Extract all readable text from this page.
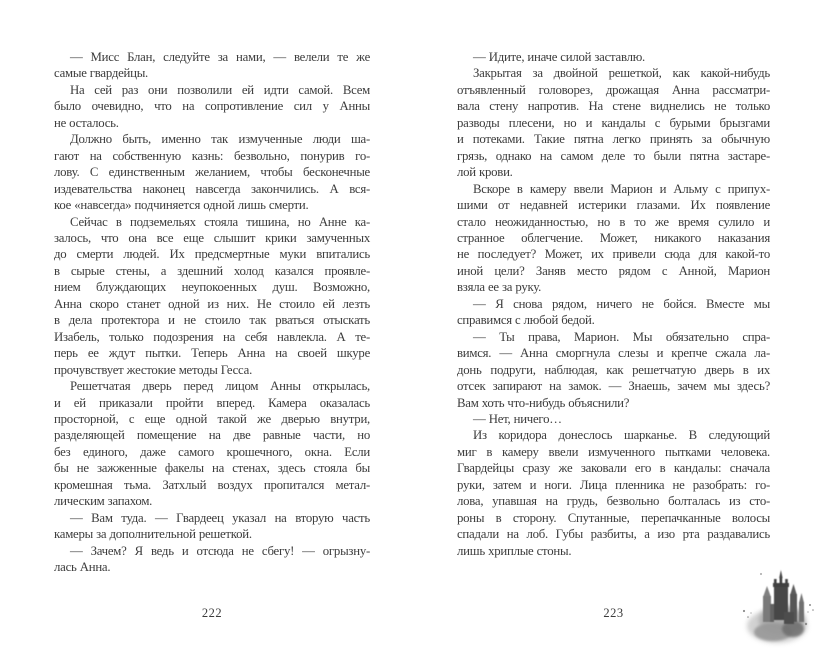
— Мисс Блан, следуйте за нами, — велели те же
самые гвардейцы.
На сей раз они позволили ей идти самой. Всем
было очевидно, что на сопротивление сил у Анны
не осталось.
Должно быть, именно так измученные люди ша-
гают на собственную казнь: безвольно, понурив го-
лову. С единственным желанием, чтобы бесконечные
издевательства наконец навсегда закончились. А вся-
кое «навсегда» подчиняется одной лишь смерти.
Сейчас в подземельях стояла тишина, но Анне ка-
залось, что она все еще слышит крики замученных
до смерти людей. Их предсмертные муки впитались
в сырые стены, а здешний холод казался проявле-
нием блуждающих неупокоенных душ. Возможно,
Анна скоро станет одной из них. Не стоило ей лезть
в дела протектора и не стоило так рваться отыскать
Изабель, только подозрения на себя навлекла. А те-
перь ее ждут пытки. Теперь Анна на своей шкуре
прочувствует жестокие методы Гесса.
Решетчатая дверь перед лицом Анны открылась,
и ей приказали пройти вперед. Камера оказалась
просторной, с еще одной такой же дверью внутри,
разделяющей помещение на две равные части, но
без единого, даже самого крошечного, окна. Если
бы не зажженные факелы на стенах, здесь стояла бы
кромешная тьма. Затхлый воздух пропитался метал-
лическим запахом.
— Вам туда. — Гвардеец указал на вторую часть
камеры за дополнительной решеткой.
— Зачем? Я ведь и отсюда не сбегу! — огрызну-
лась Анна.
222
— Идите, иначе силой заставлю.
Закрытая за двойной решеткой, как какой-нибудь
отъявленный головорез, дрожащая Анна рассматри-
вала стену напротив. На стене виднелись не только
разводы плесени, но и кандалы с бурыми брызгами
и потеками. Такие пятна легко принять за обычную
грязь, однако на самом деле то были пятна застаре-
лой крови.
Вскоре в камеру ввели Марион и Альму с припух-
шими от недавней истерики глазами. Их появление
стало неожиданностью, но в то же время сулило и
странное облегчение. Может, никакого наказания
не последует? Может, их привели сюда для какой-то
иной цели? Заняв место рядом с Анной, Марион
взяла ее за руку.
— Я снова рядом, ничего не бойся. Вместе мы
справимся с любой бедой.
— Ты права, Марион. Мы обязательно спра-
вимся. — Анна сморгнула слезы и крепче сжала ла-
донь подруги, наблюдая, как решетчатую дверь в их
отсек запирают на замок. — Знаешь, зачем мы здесь?
Вам хоть что-нибудь объяснили?
— Нет, ничего…
Из коридора донеслось шарканье. В следующий
миг в камеру ввели измученного пытками человека.
Гвардейцы сразу же заковали его в кандалы: сначала
руки, затем и ноги. Лица пленника не разобрать: го-
лова, упавшая на грудь, безвольно болталась из сто-
роны в сторону. Спутанные, перепачканные волосы
спадали на лоб. Губы разбиты, а изо рта раздавались
лишь хриплые стоны.
223
